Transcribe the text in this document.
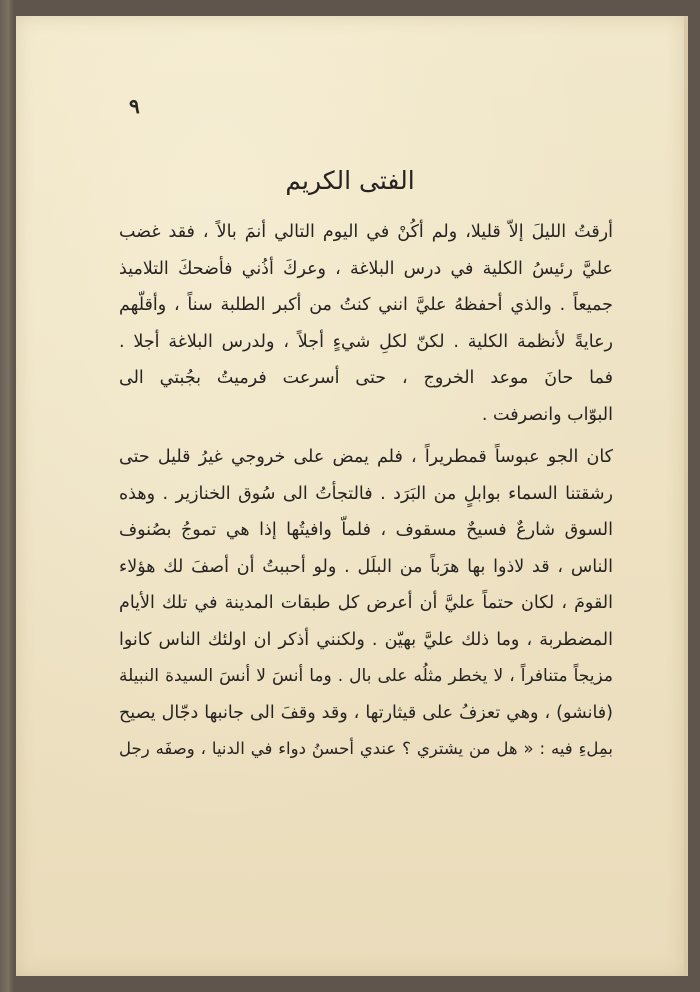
٩
الفتى الكريم
أرقتُ الليلَ إلاّ قليلا، ولم أكُنْ في اليوم التالي أنمَ بالاً ، فقد غضب
عليَّ رئيسُ الكلية في درس البلاغة ، وعركَ أذُني فأضحكَ التلاميذ
جميعاً . والذي أحفظهُ عليَّ انني كنتُ من أكبر الطلبة سناً ، وأقلّهم
رعايةً لأنظمة الكلية . لكنّ لكلِ شيءٍ أجلاً ، ولدرس البلاغة أجلا .
فما حانَ موعد الخروج ، حتى أسرعت فرميتُ بجُبتي الى
البوّاب وانصرفت .
كان الجو عبوساً قمطريراً ، فلم يمض على خروجي غيرُ قليل حتى
رشقتنا السماء بوابلٍ من البَرَد . فالتجأتُ الى سُوق الخنازير . وهذه
السوق شارعٌ فسيحٌ مسقوف ، فلماّ وافيتُها إذا هي تموجُ بصُنوف
الناس ، قد لاذوا بها هرَباً من البلَل . ولو أحببتُ أن أصفَ لك هؤلاء
القومَ ، لكان حتماً عليَّ أن أعرض كل طبقات المدينة في تلك الأيام
المضطربة ، وما ذلك عليَّ بهيّن . ولكنني أذكر ان اولئك الناس كانوا
مزيجاً متنافراً ، لا يخطر مثلُه على بال . وما أنسَ لا أنسَ السيدة النبيلة
(فانشو) ، وهي تعزفُ على قيثارتها ، وقد وقفَ الى جانبها دجّال يصيح
بمِلءِ فيه : « هل من يشتري ؟ عندي أحسنُ دواء في الدنيا ، وصفَه رجل
